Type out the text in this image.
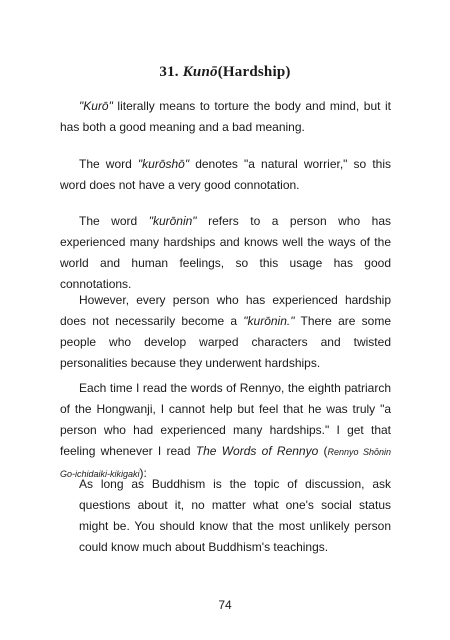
31. Kunō(Hardship)

"Kurō" literally means to torture the body and mind, but it has both a good meaning and a bad meaning.

The word "kurōshō" denotes "a natural worrier," so this word does not have a very good connotation.

The word "kurōnin" refers to a person who has experienced many hardships and knows well the ways of the world and human feelings, so this usage has good connotations.

However, every person who has experienced hardship does not necessarily become a "kurōnin." There are some people who develop warped characters and twisted personalities because they underwent hardships.

Each time I read the words of Rennyo, the eighth patriarch of the Hongwanji, I cannot help but feel that he was truly "a person who had experienced many hardships." I get that feeling whenever I read The Words of Rennyo (Rennyo Shōnin Go-ichidaiki-kikigaki):

As long as Buddhism is the topic of discussion, ask questions about it, no matter what one's social status might be. You should know that the most unlikely person could know much about Buddhism's teachings.

74
